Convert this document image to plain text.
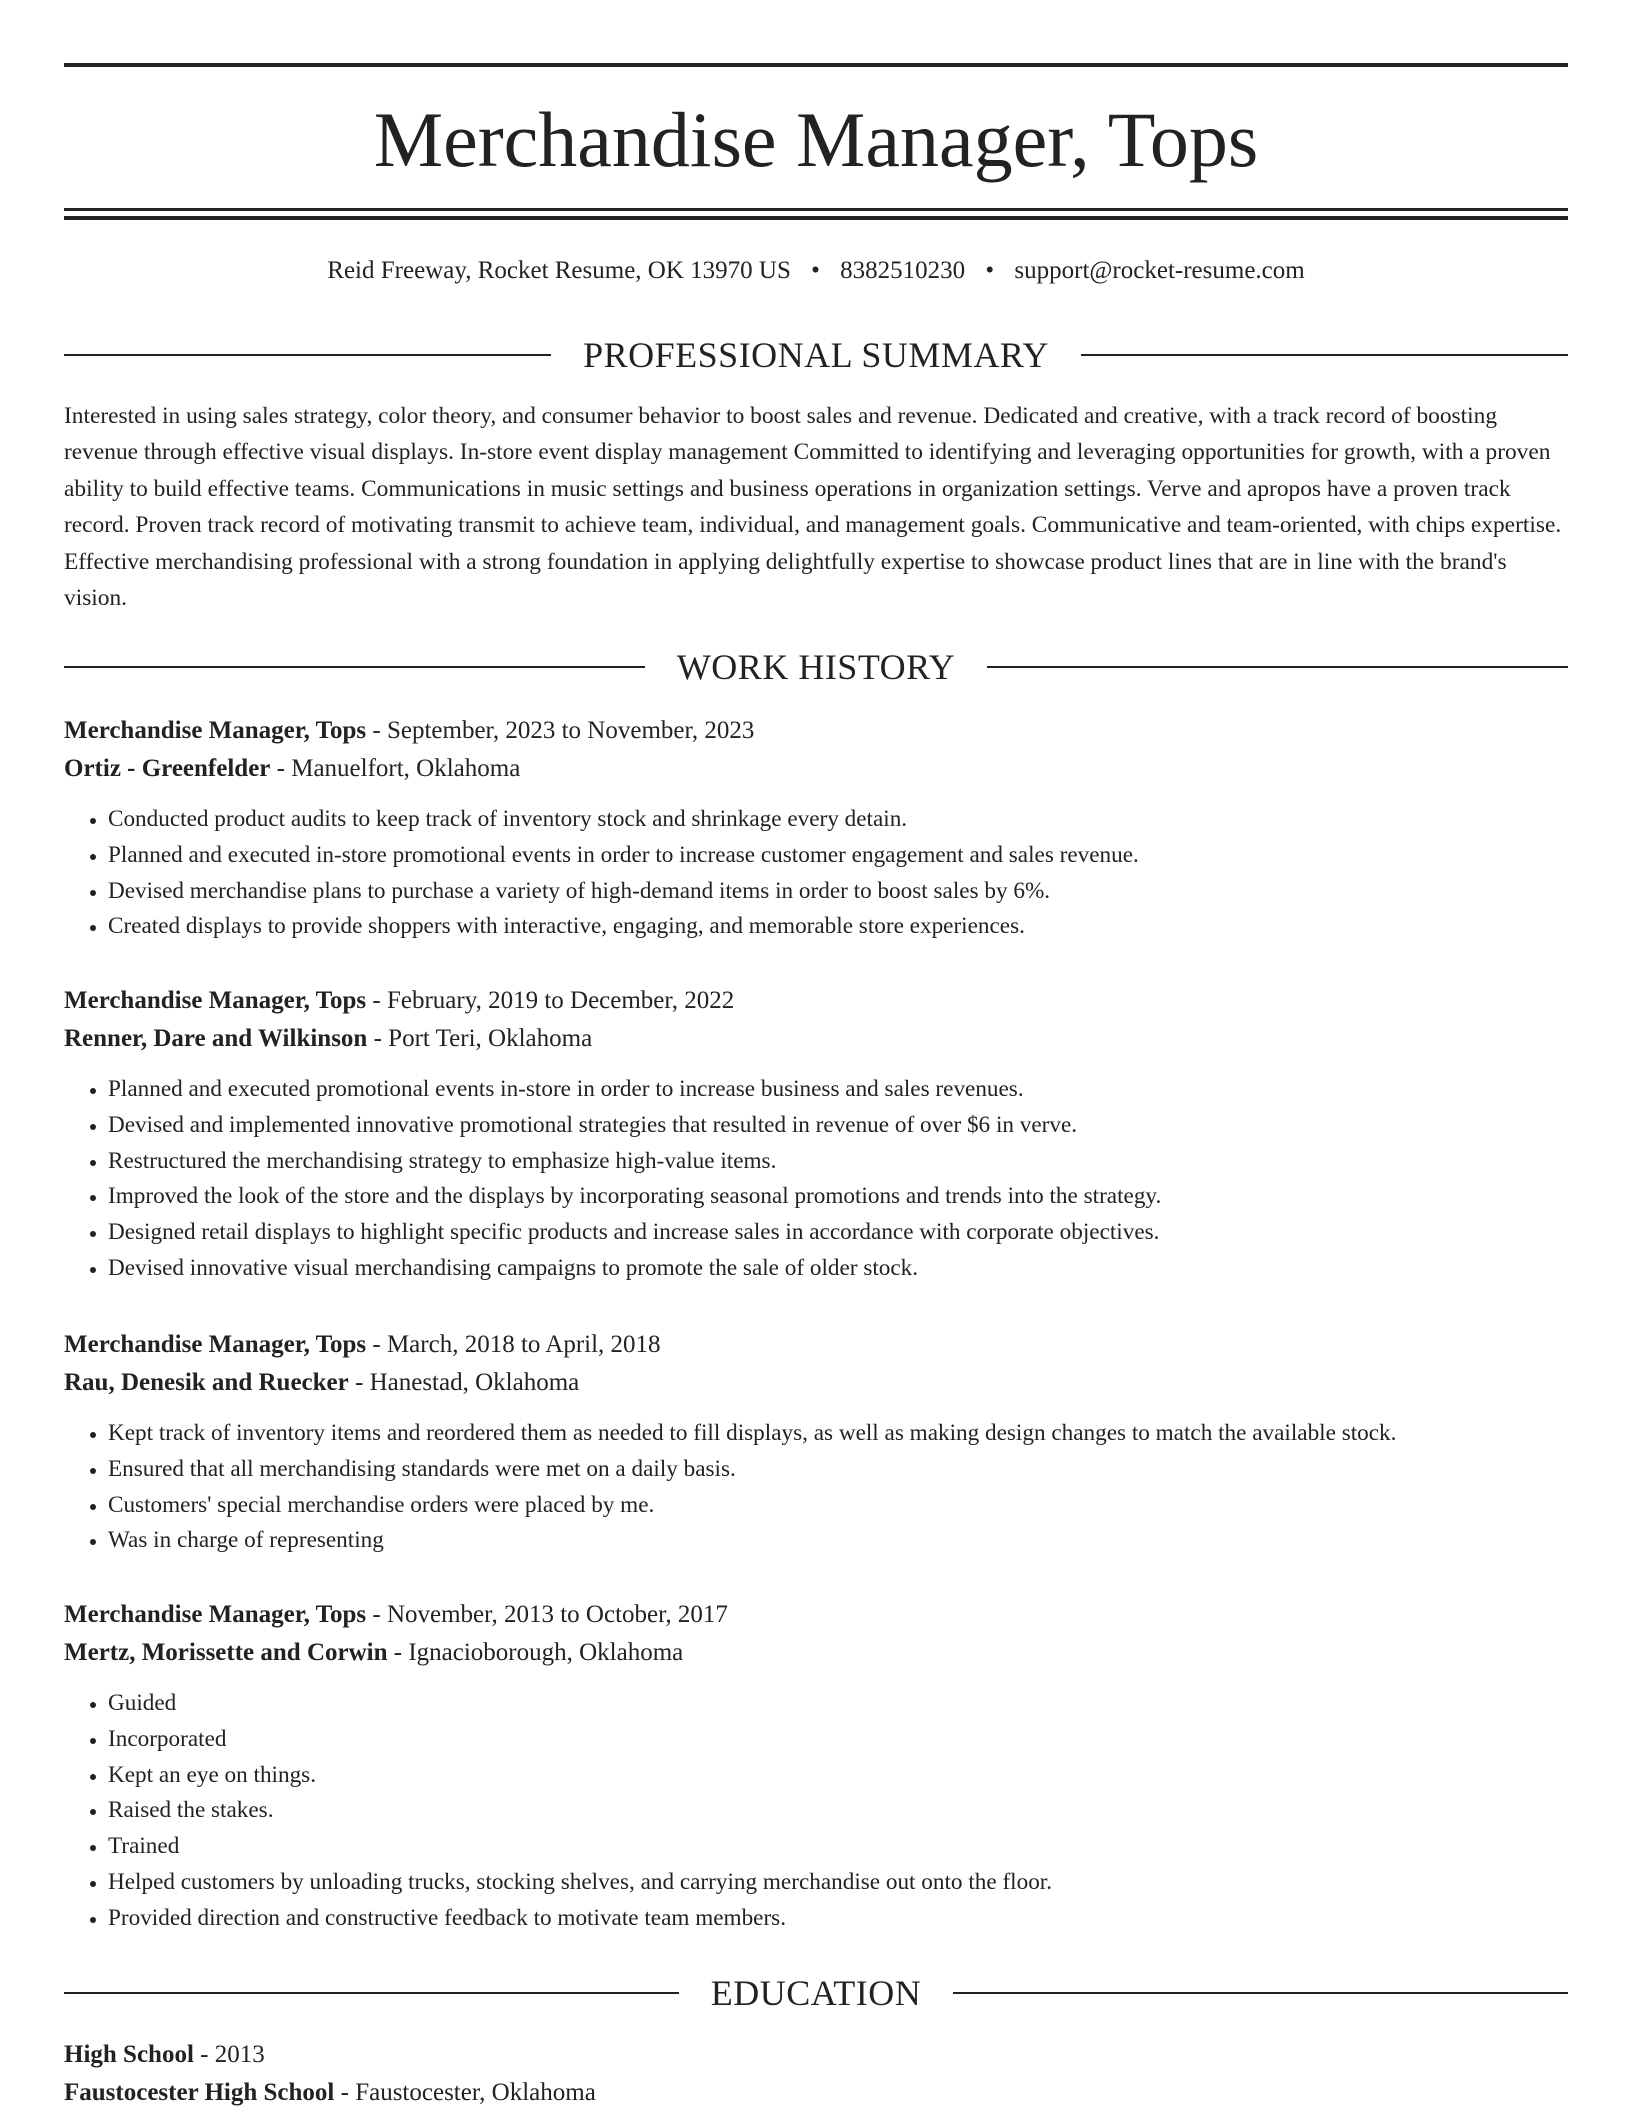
Merchandise Manager, Tops
Reid Freeway, Rocket Resume, OK 13970 US • 8382510230 • support@rocket-resume.com
PROFESSIONAL SUMMARY

Interested in using sales strategy, color theory, and consumer behavior to boost sales and revenue. Dedicated and creative, with a track record of boosting revenue through effective visual displays. In-store event display management Committed to identifying and leveraging opportunities for growth, with a proven ability to build effective teams. Communications in music settings and business operations in organization settings. Verve and apropos have a proven track record. Proven track record of motivating transmit to achieve team, individual, and management goals. Communicative and team-oriented, with chips expertise. Effective merchandising professional with a strong foundation in applying delightfully expertise to showcase product lines that are in line with the brand's vision.

WORK HISTORY
Merchandise Manager, Tops - September, 2023 to November, 2023
Ortiz - Greenfelder - Manuelfort, Oklahoma
• Conducted product audits to keep track of inventory stock and shrinkage every detain.
• Planned and executed in-store promotional events in order to increase customer engagement and sales revenue.
• Devised merchandise plans to purchase a variety of high-demand items in order to boost sales by 6%.
• Created displays to provide shoppers with interactive, engaging, and memorable store experiences.
Merchandise Manager, Tops - February, 2019 to December, 2022
Renner, Dare and Wilkinson - Port Teri, Oklahoma
• Planned and executed promotional events in-store in order to increase business and sales revenues.
• Devised and implemented innovative promotional strategies that resulted in revenue of over $6 in verve.
• Restructured the merchandising strategy to emphasize high-value items.
• Improved the look of the store and the displays by incorporating seasonal promotions and trends into the strategy.
• Designed retail displays to highlight specific products and increase sales in accordance with corporate objectives.
• Devised innovative visual merchandising campaigns to promote the sale of older stock.
Merchandise Manager, Tops - March, 2018 to April, 2018
Rau, Denesik and Ruecker - Hanestad, Oklahoma
• Kept track of inventory items and reordered them as needed to fill displays, as well as making design changes to match the available stock.
• Ensured that all merchandising standards were met on a daily basis.
• Customers' special merchandise orders were placed by me.
• Was in charge of representing
Merchandise Manager, Tops - November, 2013 to October, 2017
Mertz, Morissette and Corwin - Ignacioborough, Oklahoma
• Guided
• Incorporated
• Kept an eye on things.
• Raised the stakes.
• Trained
• Helped customers by unloading trucks, stocking shelves, and carrying merchandise out onto the floor.
• Provided direction and constructive feedback to motivate team members.
EDUCATION
High School - 2013
Faustocester High School - Faustocester, Oklahoma
